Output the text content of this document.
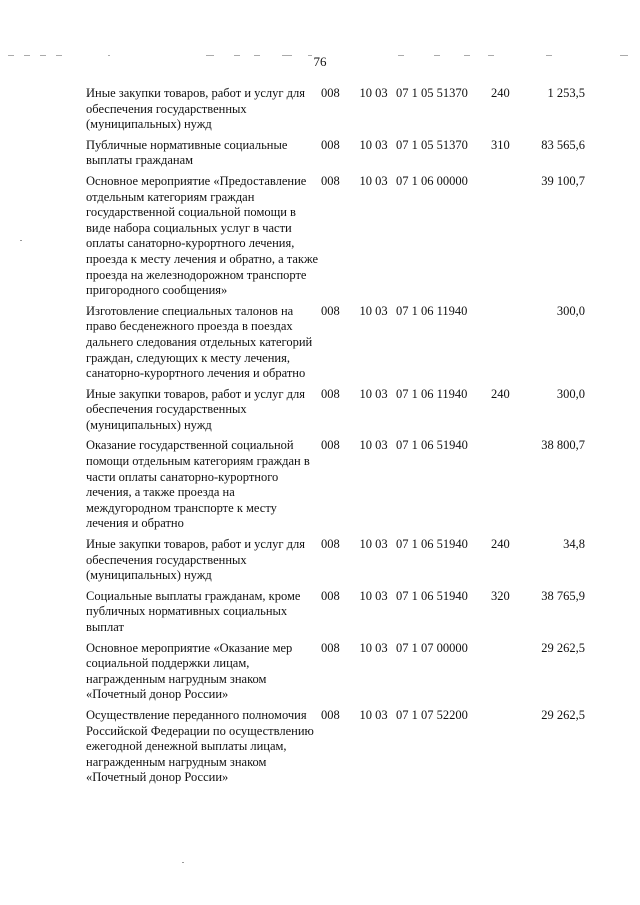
76
Иные закупки товаров, работ и услуг для обеспечения государственных (муниципальных) нужд	008	10 03	07 1 05 51370	240	1 253,5

Публичные нормативные социальные выплаты гражданам	008	10 03	07 1 05 51370	310	83 565,6

Основное мероприятие «Предоставление отдельным категориям граждан государственной социальной помощи в виде набора социальных услуг в части оплаты санаторно-курортного лечения, проезда к месту лечения и обратно, а также проезда на железнодорожном транспорте пригородного сообщения»	008	10 03	07 1 06 00000		39 100,7

Изготовление специальных талонов на право бесденежного проезда в поездах дальнего следования отдельных категорий граждан, следующих к месту лечения, санаторно-курортного лечения и обратно	008	10 03	07 1 06 11940		300,0

Иные закупки товаров, работ и услуг для обеспечения государственных (муниципальных) нужд	008	10 03	07 1 06 11940	240	300,0

Оказание государственной социальной помощи отдельным категориям граждан в части оплаты санаторно-курортного лечения, а также проезда на междугородном транспорте к месту лечения и обратно	008	10 03	07 1 06 51940		38 800,7

Иные закупки товаров, работ и услуг для обеспечения государственных (муниципальных) нужд	008	10 03	07 1 06 51940	240	34,8

Социальные выплаты гражданам, кроме публичных нормативных социальных выплат	008	10 03	07 1 06 51940	320	38 765,9

Основное мероприятие «Оказание мер социальной поддержки лицам, награжденным нагрудным знаком «Почетный донор России»	008	10 03	07 1 07 00000		29 262,5

Осуществление переданного полномочия Российской Федерации по осуществлению ежегодной денежной выплаты лицам, награжденным нагрудным знаком «Почетный донор России»	008	10 03	07 1 07 52200		29 262,5
